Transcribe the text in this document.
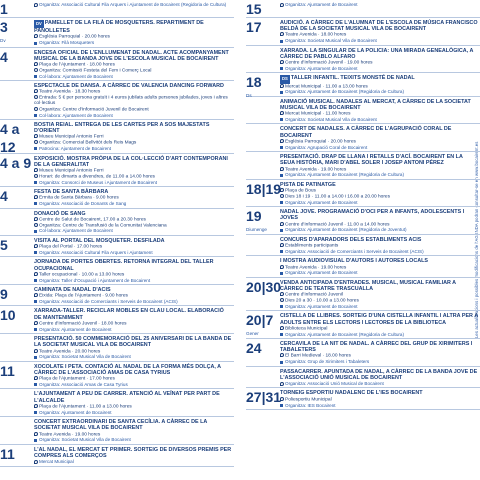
1	Organitza: Associació Cultural Fila Arquers i Ajuntament de Bocairent (Regidoria de Cultura)
3
Dv
DV PAMELLET DE LA FILÀ DE MOSQUETERS. REPARTIMENT DE PANOLLETES
Església Parroquial · 20.00 hores
Organitza: Filà Mosqueters
4	ENCESA OFICIAL DE L'ENLLUMENAT DE NADAL. ACTE ACOMPANYAMENT MUSICAL DE LA BANDA JOVE DE L'ESCOLA MUSICAL DE BOCAIRENT
Plaça de l'Ajuntament · 18.00 hores
Organitza: Comissió Festeta del Fem i Comerç Local
Col·labora: Ajuntament de Bocairent
ESPECTACLE DE DANSA. A CÀRREC DE VALENCIA DANCING FORWARD
Teatre Avenida · 18.30 hores
Entrada: 5 € per persona gratuït i 4 euros jubilats adults persones jubilades, joves i altres col·lectius
Organitza: Centre d'Informació Juvenil de Bocairent
Col·labora: Ajuntament de Bocairent
4 a 12
BOSTIA REIAL. ENTREGA DE LES CARTES PER A SOS MAJESTATS D'ORIENT
Museu Municipal Antonio Ferri
Organitza: Comercial Bellvitòt dels Reis Mags
Patrocina: Ajuntament de Bocairent
4 a 9 EXPOSICIÓ. MOSTRA PRÒPIA DE LA COL·LECCIÓ D'ART CONTEMPORANI DE LA GENERALITAT
Museu Municipal Antonio Ferri
Horari: de dimarts a divendres, de 11.00 a 14.00 hores
Organitza: Consorci de Museus i Ajuntament de Bocairent
4	FESTA DE SANTA BÀRBARA
Ermita de Santa Bàrbara · 9.00 hores
Organitza: Associació de Donants de Sang
DONACIÓ DE SANG
Centre de Salut de Bocairent, 17.00 a 20.30 hores
Organitza: Centre de Transfusió de la Comunitat Valenciana
Col·labora: Ajuntament de Bocairent
5	VISITA AL PORTAL DEL MOSQUETER. DESFILADA
Plaça del Portal · 17.00 hores
Organitza: Associació Cultural Fila Arquers i Ajuntament
JORNADA DE PORTES OBERTES. RETORNA INTEGRAL DEL TALLER OCUPACIONAL
Taller ocupacional · 10.00 a 13.00 hores
Organitza: Taller d'Ocupació i Ajuntament de Bocairent
9	CAMINATA DE NADAL D'ACIS
Eixida: Plaça de l'Ajuntament · 9.00 hores
Organitza: Associació de Comerciants i Serveis de Bocairent (ACIS)
10	XARRADA-TALLER. RECICLAR MOBLES EN CLAU LOCAL. ELABORACIÓ DE MANTENIMENT
Centre d'Informació Juvenil · 18.00 hores
Organitza: Ajuntament de Bocairent
PRESENTACIÓ. 50 COMMEMORACIÓ DEL 25 ANIVERSARI DE LA BANDA DE LA SOCIETAT MUSICAL VILA DE BOCAIRENT
Teatre Avenida · 20.00 hores
Organitza: Societat Musical Vila de Bocairent
11	XOCOLATE I PETA. CONTACIÓ AL NADAL DE LA FORMA MÉS DOLÇA, A CÀRREC DE L'ASSOCIACIÓ AMAS DE CASA TYRIUS
Plaça de l'Ajuntament · 17.00 hores
Organitza: Associació Amas de Casa Tyrius
L'AJUNTAMENT A PEU DE CARRER. ATENCIÓ AL VEÏNAT PER PART DE L'ALCALDE
Plaça de l'Ajuntament · 11.00 a 13.00 hores
Organitza: Ajuntament de Bocairent
CONCERT EXTRAORDINARI DE SANTA CECÍLIA. A CÀRREC DE LA SOCIETAT MUSICAL VILA DE BOCAIRENT
Teatre Avenida · 19.00 hores
Organitza: Societat Musical Vila de Bocairent
11	L'AL NADAL, EL MERCAT ET PRIMER. SORTEIG DE DIVERSOS PREMIS PER COMPRES ALS COMERÇOS
Mercat Municipal
Les actualitzacions i possibles modificacions de l'AGENDA podran consultar-se en www.bocairent.es
15	Organitza: Ajuntament de Bocairent
17	AUDICIÓ. A CÀRREC DE L'ALUMNAT DE L'ESCOLA DE MÚSICA FRANCISCO BELDÀ DE LA SOCIETAT MUSICAL VILA DE BOCAIRENT
Teatre Avenida · 18.00 hores
Organitza: Societat Musical Vila de Bocairent
XARRADA. LA SINGULAR DE LA POLICIA: UNA MIRADA GENEALÒGICA, A CÀRREC DE PABLO ALFARO
Centre d'Informació Juvenil · 19.00 hores
Organitza: Ajuntament de Bocairent
18
Ds
DS TALLER INFANTIL. TEIXITS MONSTÉ DE NADAL
Mercat Municipal · 11.00 a 13.00 hores
Organitza: Ajuntament de Bocairent (Regidoria de Cultura)
ANIMACIÓ MUSICAL. NADALES AL MERCAT, A CÀRREC DE LA SOCIETAT MUSICAL VILA DE BOCAIRENT
Mercat Municipal · 11.00 hores
Organitza: Societat Musical Vila de Bocairent
CONCERT DE NADALES. A CÀRREC DE L'AGRUPACIÓ CORAL DE BOCAIRENT
Església Parroquial · 20.00 hores
Organitza: Agrupació Coral de Bocairent
PRESENTACIÓ. DRAP DE LLANA I RETALLS D'ACÍ. BOCAIRENT EN LA SEUA HISTÒRIA, MARI D'ABEL SOLER I JOSEP ANTONI PÉREZ
Teatre Avenida · 19.00 hores
Organitza: Ajuntament de Bocairent (Regidoria de Cultura)
18|19
PISTA DE PATINATGE
Plaça de Bous
Dies 18 i 19 · 11.00 a 14.00 i 16.00 a 20.00 hores
Organitza: Ajuntament de Bocairent
19
Diumenge
NADAL JOVE. PROGRAMACIÓ D'OCI PER A INFANTS, ADOLESCENTS I JOVES
Centre d'Informació Juvenil · 11.00 a 14.00 hores
Organitza: Ajuntament de Bocairent (Regidoria de Joventut)
CONCURS D'APARADORS DELS ESTABLIMENTS ACIS
Establiments participants
Organitza: Associació de Comerciants i Serveis de Bocairent (ACIS)
I MOSTRA AUDIOVISUAL D'AUTORS I AUTORES LOCALS
Teatre Avenida · 19.00 hores
Organitza: Ajuntament de Bocairent
20|30
VENDA ANTICIPADA D'ENTRADES. MUSICAL, MUSICAL FAMILIAR A CÀRREC DE TEATRE TRASCUALLA
Centre d'Informació Juvenil
Dies 20 a 30 · 10.00 a 13.00 hores
Organitza: Ajuntament de Bocairent
20|7
Gener
CISTELLA DE LLIBRES. SORTEIG D'UNA CISTELLA INFANTIL I ALTRA PER A ADULTS ENTRE ELS LECTORS I LECTORES DE LA BIBLIOTECA
Biblioteca Municipal
Organitza: Ajuntament de Bocairent (Regidoria de Cultura)
24	CERCAVILA DE LA NIT DE NADAL. A CÀRREC DEL GRUP DE XIRIMITERS I TABALETERS
El Barri Medieval · 18.00 hores
Organitza: Grup de Xirimiters i Tabaleters
PASSACARRER. APUNTADA DE NADAL, A CÀRREC DE LA BANDA JOVE DE L'ASSOCIACIÓ UNIÓ MUSICAL DE BOCAIRENT
Organitza: Associació Unió Musical de Bocairent
27|31
TORNEIG ESPORTIU NADALENC DE L'IES BOCAIRENT
Poliesportiu Municipal
Organitza: IES Bocairent
